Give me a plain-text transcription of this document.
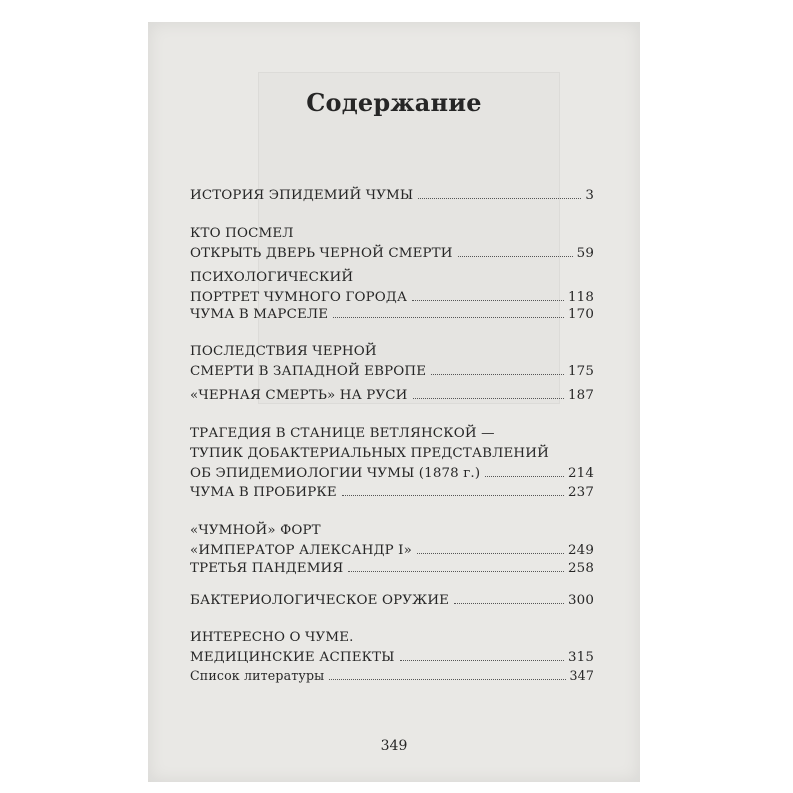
Содержание
ИСТОРИЯ ЭПИДЕМИЙ ЧУМЫ	3
КТО ПОСМЕЛ
ОТКРЫТЬ ДВЕРЬ ЧЕРНОЙ СМЕРТИ	59
ПСИХОЛОГИЧЕСКИЙ
ПОРТРЕТ ЧУМНОГО ГОРОДА	118
ЧУМА В МАРСЕЛЕ	170
ПОСЛЕДСТВИЯ ЧЕРНОЙ
СМЕРТИ В ЗАПАДНОЙ ЕВРОПЕ	175
«ЧЕРНАЯ СМЕРТЬ» НА РУСИ	187
ТРАГЕДИЯ В СТАНИЦЕ ВЕТЛЯНСКОЙ —
ТУПИК ДОБАКТЕРИАЛЬНЫХ ПРЕДСТАВЛЕНИЙ
ОБ ЭПИДЕМИОЛОГИИ ЧУМЫ (1878 г.)	214
ЧУМА В ПРОБИРКЕ	237
«ЧУМНОЙ» ФОРТ
«ИМПЕРАТОР АЛЕКСАНДР I»	249
ТРЕТЬЯ ПАНДЕМИЯ	258
БАКТЕРИОЛОГИЧЕСКОЕ ОРУЖИЕ	300
ИНТЕРЕСНО О ЧУМЕ.
МЕДИЦИНСКИЕ АСПЕКТЫ	315
Список литературы	347
349
